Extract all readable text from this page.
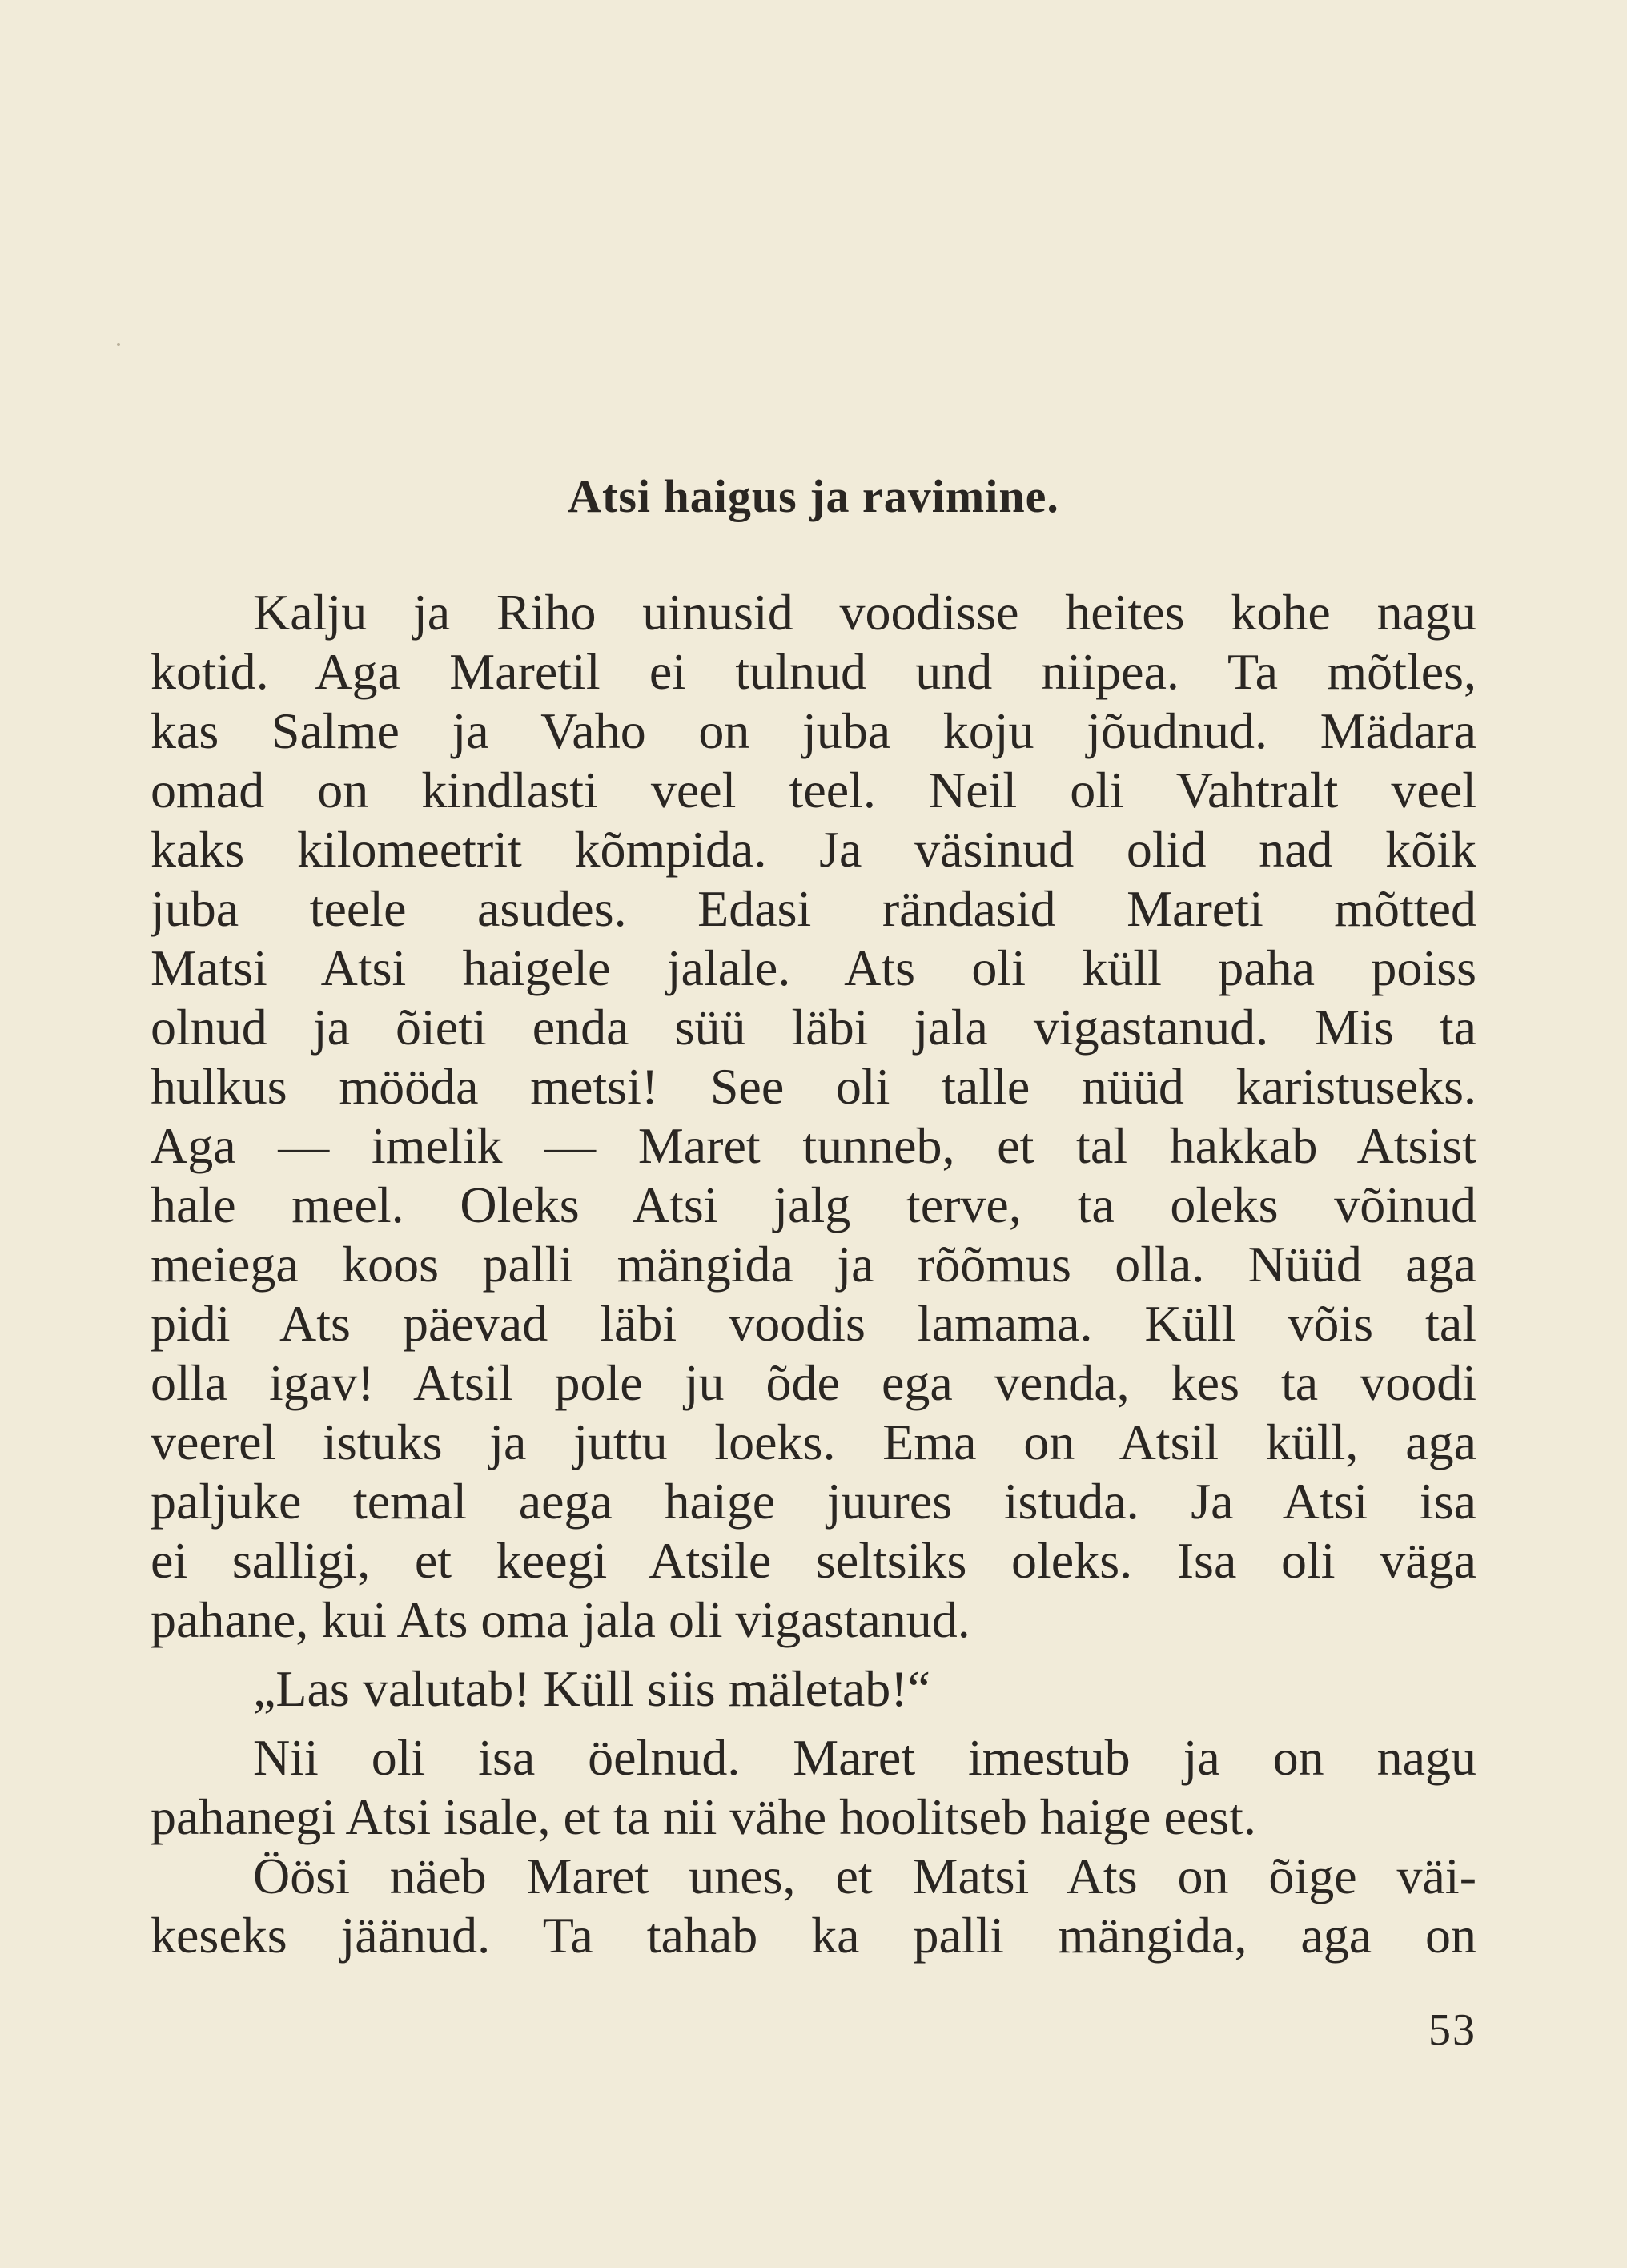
Atsi haigus ja ravimine.
Kalju ja Riho uinusid voodisse heites kohe nagu
kotid. Aga Maretil ei tulnud und niipea. Ta mõtles,
kas Salme ja Vaho on juba koju jõudnud. Mädara
omad on kindlasti veel teel. Neil oli Vahtralt veel
kaks kilomeetrit kõmpida. Ja väsinud olid nad kõik
juba teele asudes. Edasi rändasid Mareti mõtted
Matsi Atsi haigele jalale. Ats oli küll paha poiss
olnud ja õieti enda süü läbi jala vigastanud. Mis ta
hulkus mööda metsi! See oli talle nüüd karistuseks.
Aga — imelik — Maret tunneb, et tal hakkab Atsist
hale meel. Oleks Atsi jalg terve, ta oleks võinud
meiega koos palli mängida ja rõõmus olla. Nüüd aga
pidi Ats päevad läbi voodis lamama. Küll võis tal
olla igav! Atsil pole ju õde ega venda, kes ta voodi
veerel istuks ja juttu loeks. Ema on Atsil küll, aga
paljuke temal aega haige juures istuda. Ja Atsi isa
ei salligi, et keegi Atsile seltsiks oleks. Isa oli väga
pahane, kui Ats oma jala oli vigastanud.
„Las valutab! Küll siis mäletab!“
Nii oli isa öelnud. Maret imestub ja on nagu
pahanegi Atsi isale, et ta nii vähe hoolitseb haige eest.
Öösi näeb Maret unes, et Matsi Ats on õige väi-
keseks jäänud. Ta tahab ka palli mängida, aga on
53
